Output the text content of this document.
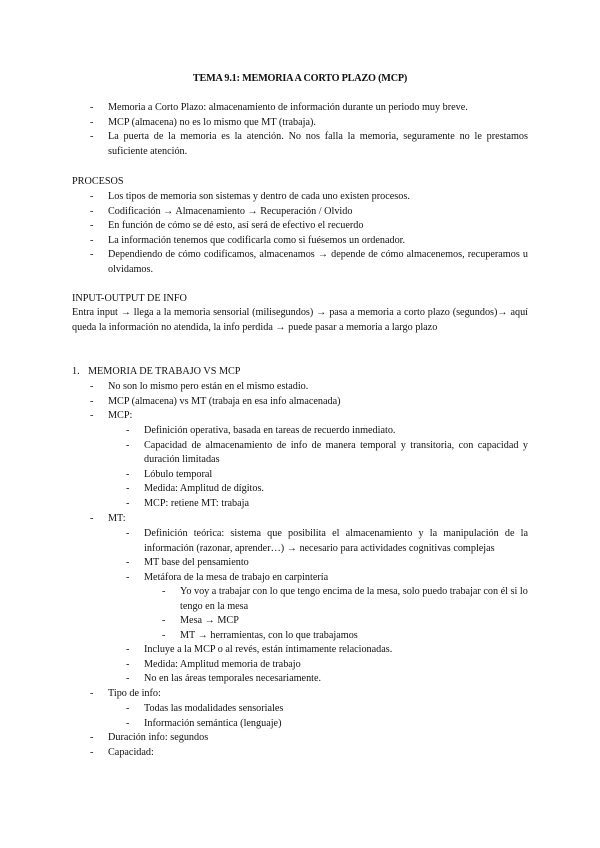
TEMA 9.1: MEMORIA A CORTO PLAZO (MCP)
- Memoria a Corto Plazo: almacenamiento de información durante un periodo muy breve.
- MCP (almacena) no es lo mismo que MT (trabaja).
- La puerta de la memoria es la atención. No nos falla la memoria, seguramente no le prestamos suficiente atención.
PROCESOS
- Los tipos de memoria son sistemas y dentro de cada uno existen procesos.
- Codificación → Almacenamiento → Recuperación / Olvido
- En función de cómo se dé esto, así será de efectivo el recuerdo
- La información tenemos que codificarla como si fuésemos un ordenador.
- Dependiendo de cómo codificamos, almacenamos → depende de cómo almacenemos, recuperamos u olvidamos.
INPUT-OUTPUT DE INFO
Entra input → llega a la memoria sensorial (milisegundos) → pasa a memoria a corto plazo (segundos)→ aquí queda la información no atendida, la info perdida → puede pasar a memoria a largo plazo
1. MEMORIA DE TRABAJO VS MCP
- No son lo mismo pero están en el mismo estadio.
- MCP (almacena) vs MT (trabaja en esa info almacenada)
- MCP:
- Definición operativa, basada en tareas de recuerdo inmediato.
- Capacidad de almacenamiento de info de manera temporal y transitoria, con capacidad y duración limitadas
- Lóbulo temporal
- Medida: Amplitud de dígitos.
- MCP: retiene MT: trabaja
- MT:
- Definición teórica: sistema que posibilita el almacenamiento y la manipulación de la información (razonar, aprender…) → necesario para actividades cognitivas complejas
- MT base del pensamiento
- Metáfora de la mesa de trabajo en carpintería
- Yo voy a trabajar con lo que tengo encima de la mesa, solo puedo trabajar con él si lo tengo en la mesa
- Mesa → MCP
- MT → herramientas, con lo que trabajamos
- Incluye a la MCP o al revés, están íntimamente relacionadas.
- Medida: Amplitud memoria de trabajo
- No en las áreas temporales necesariamente.
- Tipo de info:
- Todas las modalidades sensoriales
- Información semántica (lenguaje)
- Duración info: segundos
- Capacidad:
